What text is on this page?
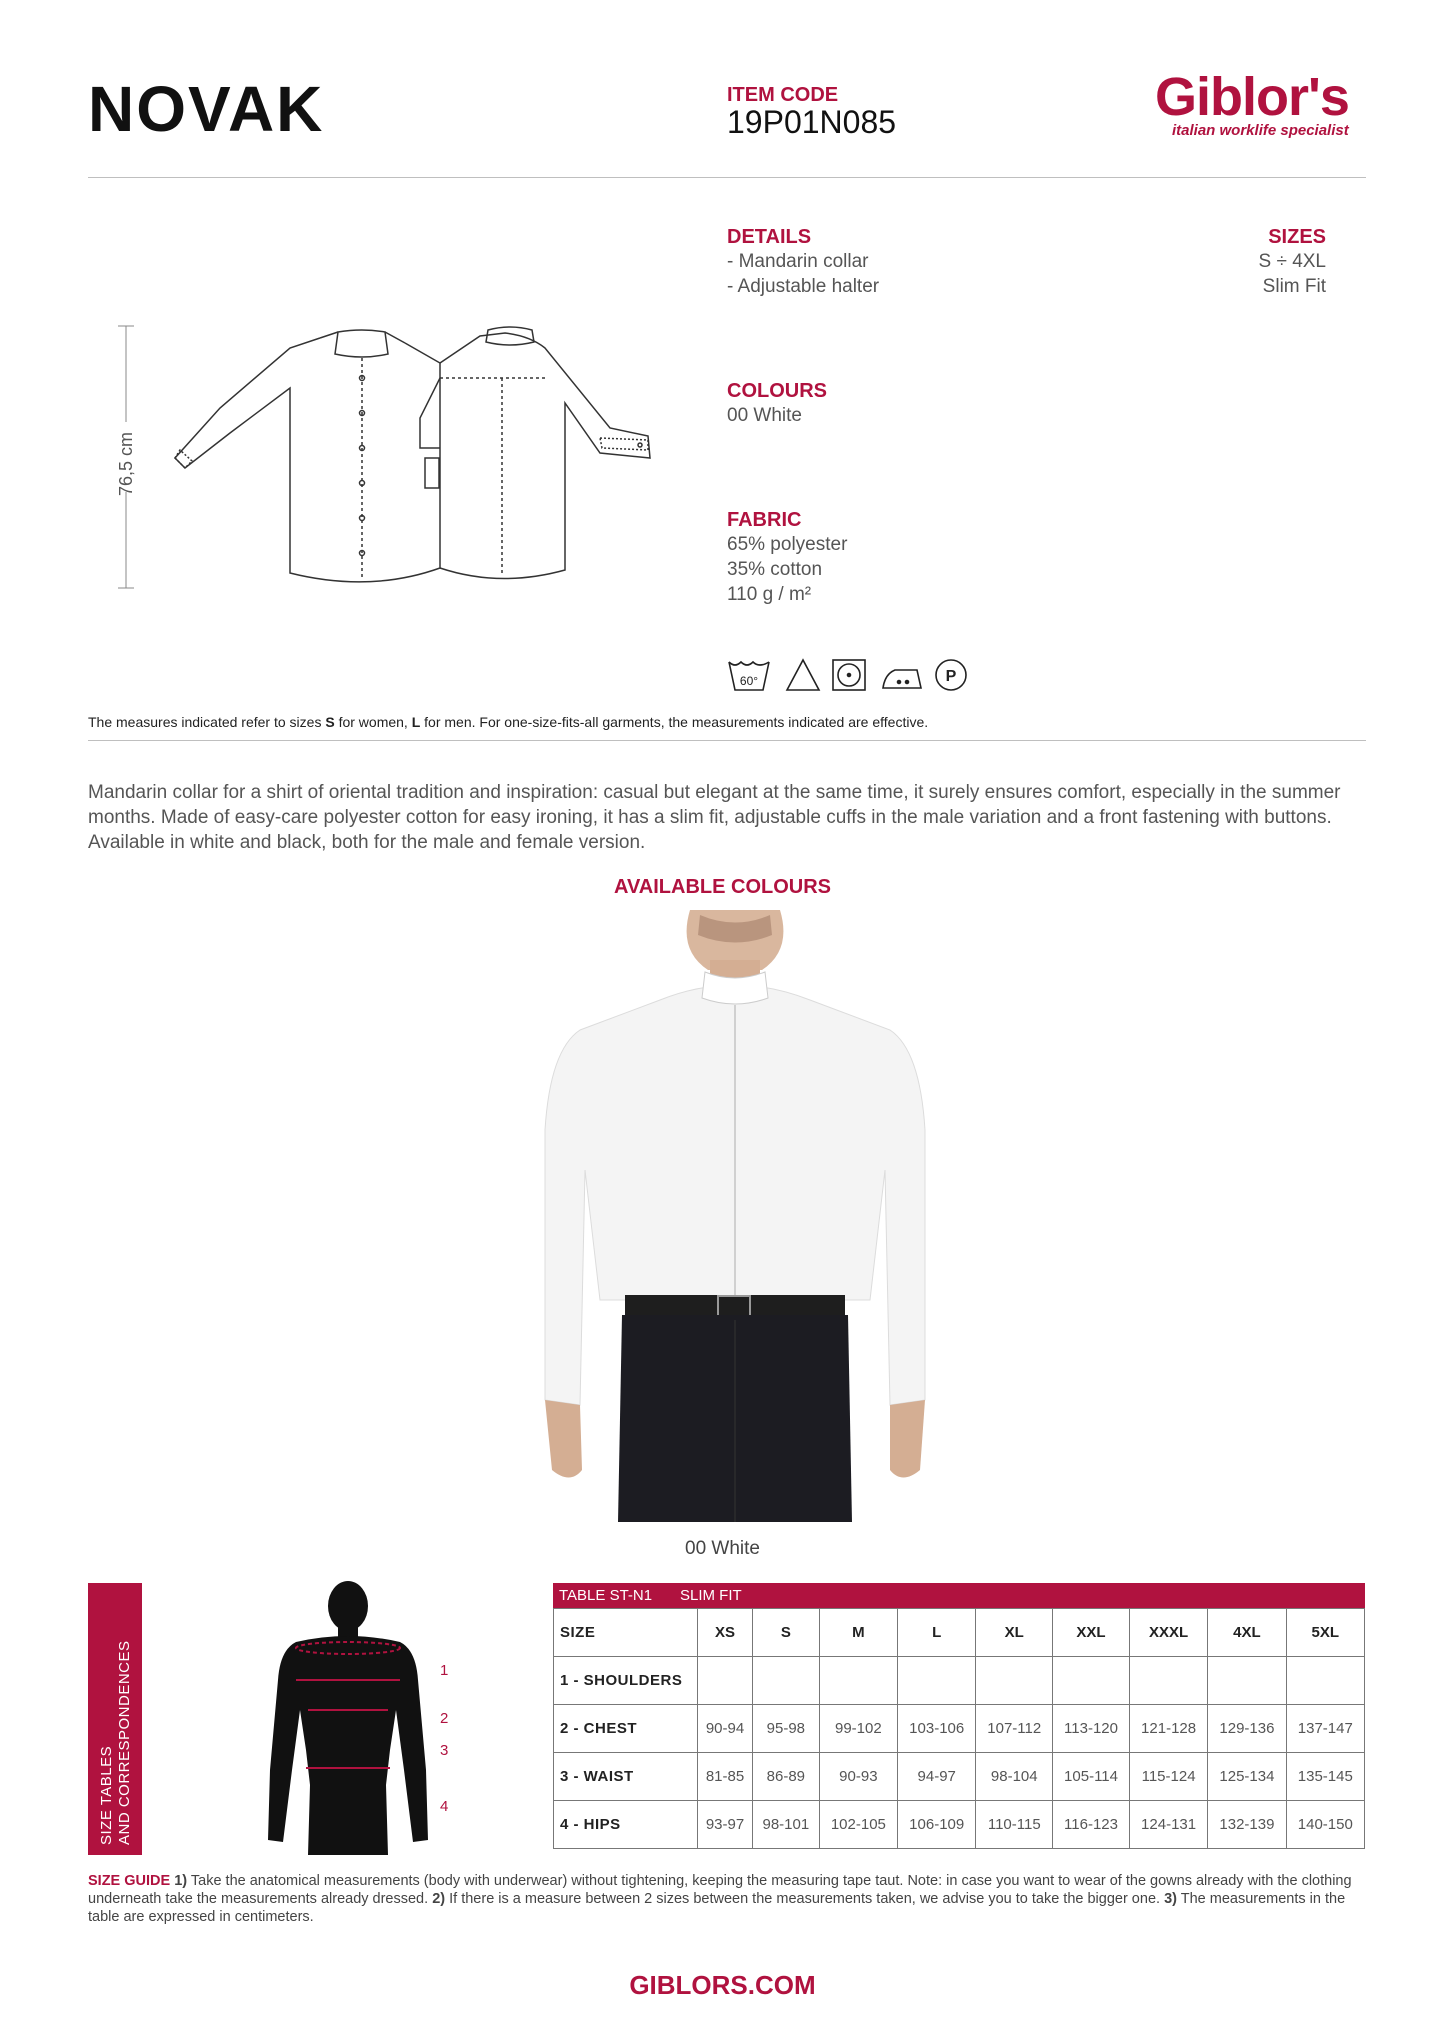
NOVAK	ITEM CODE
19P01N085	Giblor's
italian worklife specialist
76,5 cm
DETAILS
- Mandarin collar
- Adjustable halter
SIZES
S ÷ 4XL
Slim Fit
COLOURS
00 White
FABRIC
65% polyester
35% cotton
110 g / m²
60°	P
The measures indicated refer to sizes S for women, L for men. For one-size-fits-all garments, the measurements indicated are effective.
Mandarin collar for a shirt of oriental tradition and inspiration: casual but elegant at the same time, it surely ensures comfort, especially in the summer months. Made of easy-care polyester cotton for easy ironing, it has a slim fit, adjustable cuffs in the male variation and a front fastening with buttons. Available in white and black, both for the male and female version.
AVAILABLE COLOURS
00 White
SIZE TABLES AND CORRESPONDENCES	1
2
3
4
TABLE ST-N1 SLIM FIT
SIZE	XS	S	M	L	XL	XXL	XXXL	4XL	5XL
1 - SHOULDERS									
2 - CHEST	90-94	95-98	99-102	103-106	107-112	113-120	121-128	129-136	137-147
3 - WAIST	81-85	86-89	90-93	94-97	98-104	105-114	115-124	125-134	135-145
4 - HIPS	93-97	98-101	102-105	106-109	110-115	116-123	124-131	132-139	140-150
SIZE GUIDE 1) Take the anatomical measurements (body with underwear) without tightening, keeping the measuring tape taut. Note: in case you want to wear of the gowns already with the clothing underneath take the measurements already dressed. 2) If there is a measure between 2 sizes between the measurements taken, we advise you to take the bigger one. 3) The measurements in the table are expressed in centimeters.
GIBLORS.COM
